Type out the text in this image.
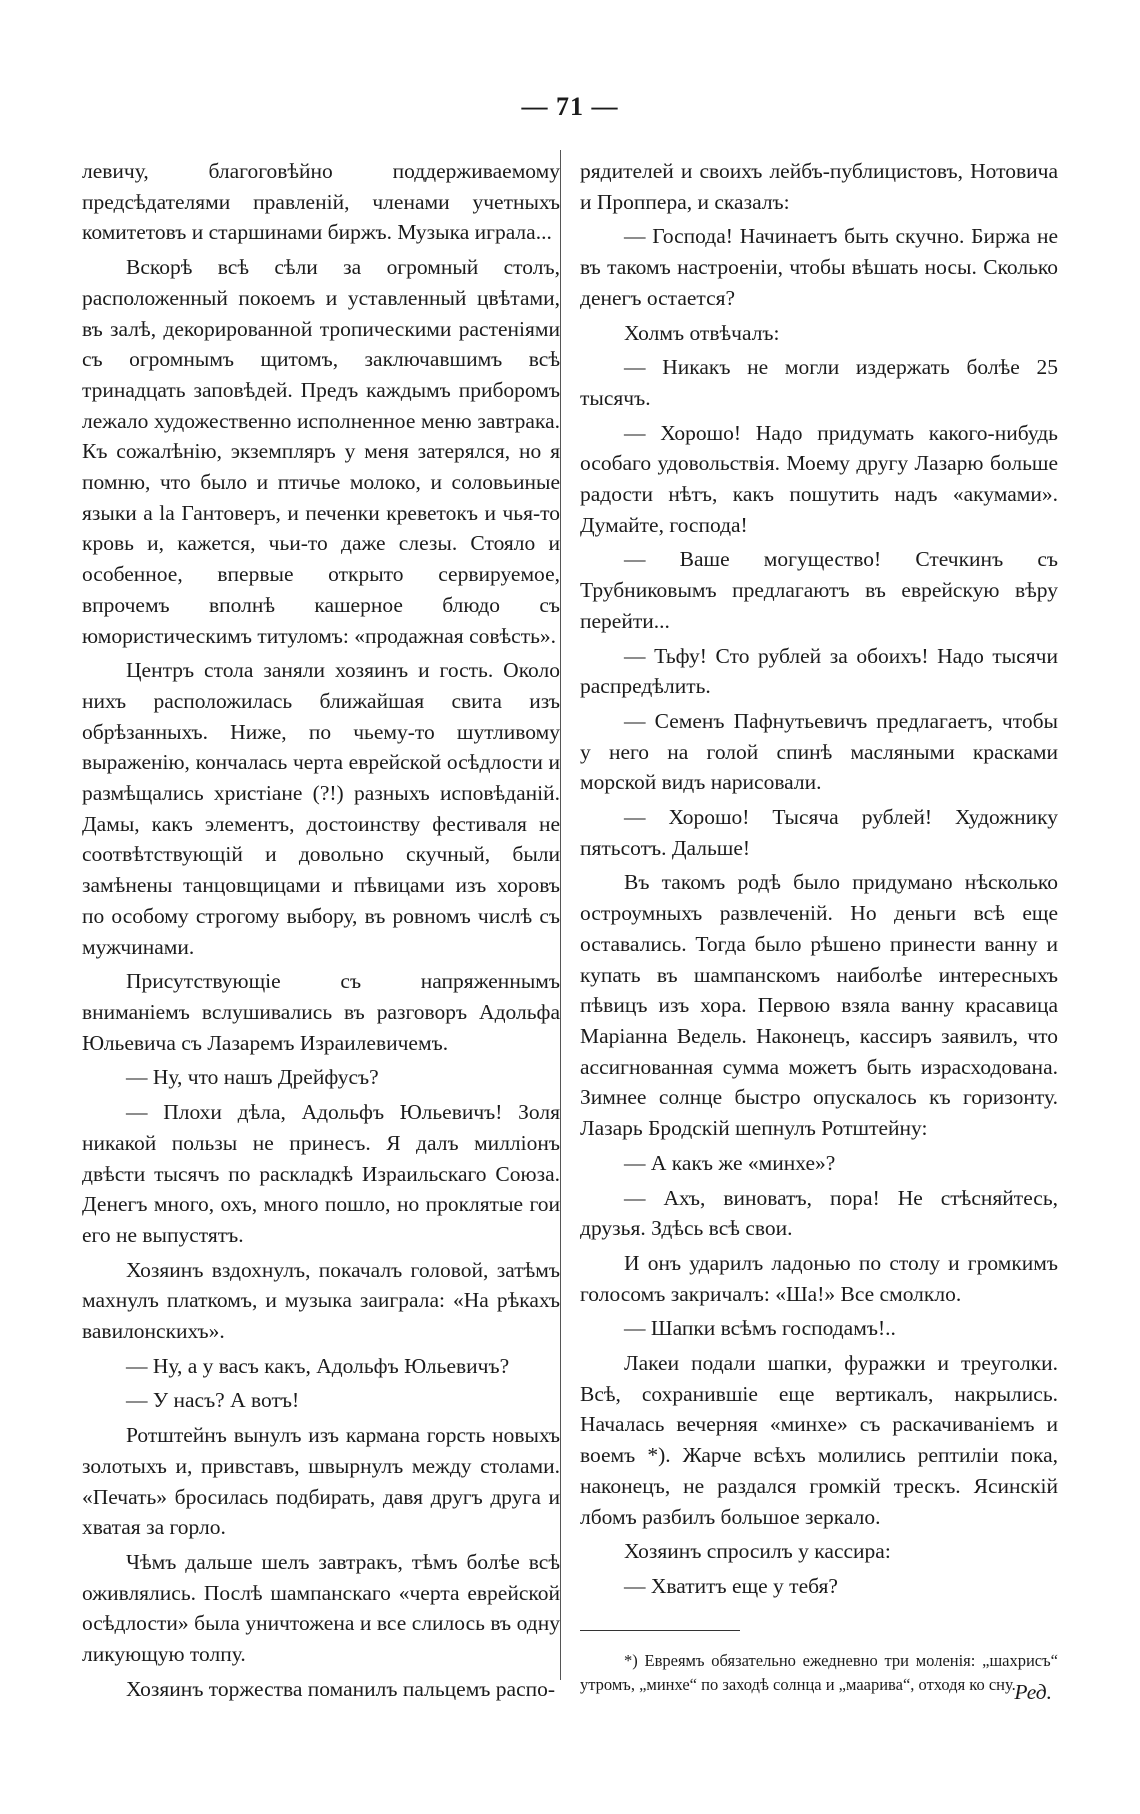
— 71 —

левичу, благоговѣйно поддерживаемому предсѣдателями правленій, членами учетныхъ комитетовъ и старшинами биржъ. Музыка играла...

Вскорѣ всѣ сѣли за огромный столъ, расположенный покоемъ и уставленный цвѣтами, въ залѣ, декорированной тропическими растеніями съ огромнымъ щитомъ, заключавшимъ всѣ тринадцать заповѣдей. Предъ каждымъ приборомъ лежало художественно исполненное меню завтрака. Къ сожалѣнію, экземпляръ у меня затерялся, но я помню, что было и птичье молоко, и соловьиные языки а lа Гантоверъ, и печенки креветокъ и чья-то кровь и, кажется, чьи-то даже слезы. Стояло и особенное, впервые открыто сервируемое, впрочемъ вполнѣ кашерное блюдо съ юмористическимъ титуломъ: «продажная совѣсть».

Центръ стола заняли хозяинъ и гость. Около нихъ расположилась ближайшая свита изъ обрѣзанныхъ. Ниже, по чьему-то шутливому выраженію, кончалась черта еврейской осѣдлости и размѣщались христіане (?!) разныхъ исповѣданій. Дамы, какъ элементъ, достоинству фестиваля не соотвѣтствующій и довольно скучный, были замѣнены танцовщицами и пѣвицами изъ хоровъ по особому строгому выбору, въ ровномъ числѣ съ мужчинами.

Присутствующіе съ напряженнымъ вниманіемъ вслушивались въ разговоръ Адольфа Юльевича съ Лазаремъ Израилевичемъ.

— Ну, что нашъ Дрейфусъ?

— Плохи дѣла, Адольфъ Юльевичъ! Золя никакой пользы не принесъ. Я далъ милліонъ двѣсти тысячъ по раскладкѣ Израильскаго Союза. Денегъ много, охъ, много пошло, но проклятые гои его не выпустятъ.

Хозяинъ вздохнулъ, покачалъ головой, затѣмъ махнулъ платкомъ, и музыка заиграла: «На рѣкахъ вавилонскихъ».

— Ну, а у васъ какъ, Адольфъ Юльевичъ?

— У насъ? А вотъ!

Ротштейнъ вынулъ изъ кармана горсть новыхъ золотыхъ и, привставъ, швырнулъ между столами. «Печать» бросилась подбирать, давя другъ друга и хватая за горло.

Чѣмъ дальше шелъ завтракъ, тѣмъ болѣе всѣ оживлялись. Послѣ шампанскаго «черта еврейской осѣдлости» была уничтожена и все слилось въ одну ликующую толпу.

Хозяинъ торжества поманилъ пальцемъ распо-

рядителей и своихъ лейбъ-публицистовъ, Нотовича и Проппера, и сказалъ:

— Господа! Начинаетъ быть скучно. Биржа не въ такомъ настроеніи, чтобы вѣшать носы. Сколько денегъ остается?

Холмъ отвѣчалъ:

— Никакъ не могли издержать болѣе 25 тысячъ.

— Хорошо! Надо придумать какого-нибудь особаго удовольствія. Моему другу Лазарю больше радости нѣтъ, какъ пошутить надъ «акумами». Думайте, господа!

— Ваше могущество! Стечкинъ съ Трубниковымъ предлагаютъ въ еврейскую вѣру перейти...

— Тьфу! Сто рублей за обоихъ! Надо тысячи распредѣлить.

— Семенъ Пафнутьевичъ предлагаетъ, чтобы у него на голой спинѣ масляными красками морской видъ нарисовали.

— Хорошо! Тысяча рублей! Художнику пятьсотъ. Дальше!

Въ такомъ родѣ было придумано нѣсколько остроумныхъ развлеченій. Но деньги всѣ еще оставались. Тогда было рѣшено принести ванну и купать въ шампанскомъ наиболѣе интересныхъ пѣвицъ изъ хора. Первою взяла ванну красавица Маріанна Ведель. Наконецъ, кассиръ заявилъ, что ассигнованная сумма можетъ быть израсходована. Зимнее солнце быстро опускалось къ горизонту. Лазарь Бродскій шепнулъ Ротштейну:

— А какъ же «минхе»?

— Ахъ, виноватъ, пора! Не стѣсняйтесь, друзья. Здѣсь всѣ свои.

И онъ ударилъ ладонью по столу и громкимъ голосомъ закричалъ: «Ша!» Все смолкло.

— Шапки всѣмъ господамъ!..

Лакеи подали шапки, фуражки и треуголки. Всѣ, сохранившіе еще вертикалъ, накрылись. Началась вечерняя «минхе» съ раскачиваніемъ и воемъ *). Жарче всѣхъ молились рептиліи пока, наконецъ, не раздался громкій трескъ. Ясинскій лбомъ разбилъ большое зеркало.

Хозяинъ спросилъ у кассира:

— Хватитъ еще у тебя?

*) Евреямъ обязательно ежедневно три моленія: „шахрисъ“ утромъ, „минхе“ по заходѣ солнца и „маарива“, отходя ко сну.

Ред.
